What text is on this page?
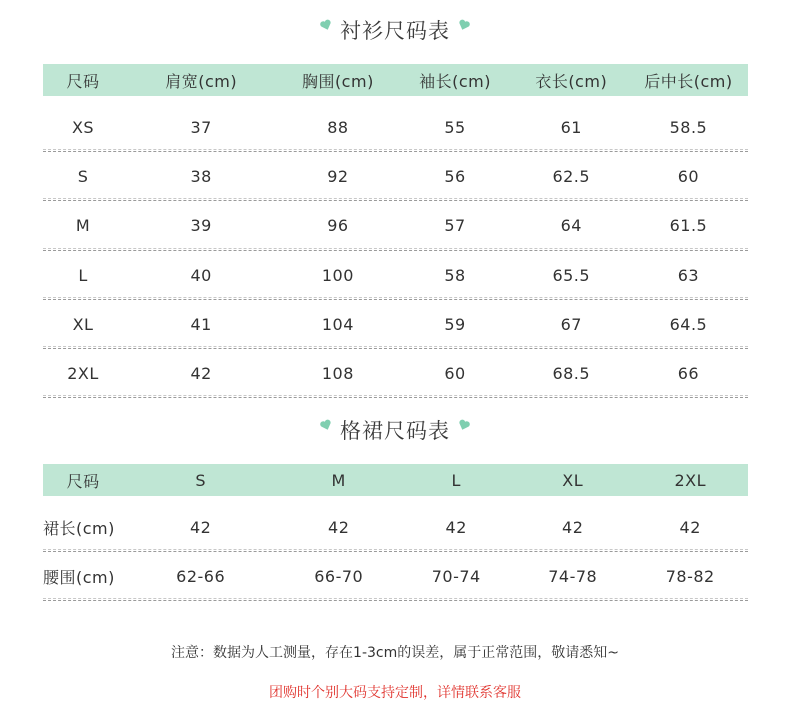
衬衫尺码表
尺码	肩宽(cm)	胸围(cm)	袖长(cm)	衣长(cm)	后中长(cm)
XS	37	88	55	61	58.5
S	38	92	56	62.5	60
M	39	96	57	64	61.5
L	40	100	58	65.5	63
XL	41	104	59	67	64.5
2XL	42	108	60	68.5	66
格裙尺码表
尺码	S	M	L	XL	2XL
裙长(cm)	42	42	42	42	42
腰围(cm)	62-66	66-70	70-74	74-78	78-82
注意：数据为人工测量，存在1-3cm的误差，属于正常范围，敬请悉知~
团购时个别大码支持定制，详情联系客服
